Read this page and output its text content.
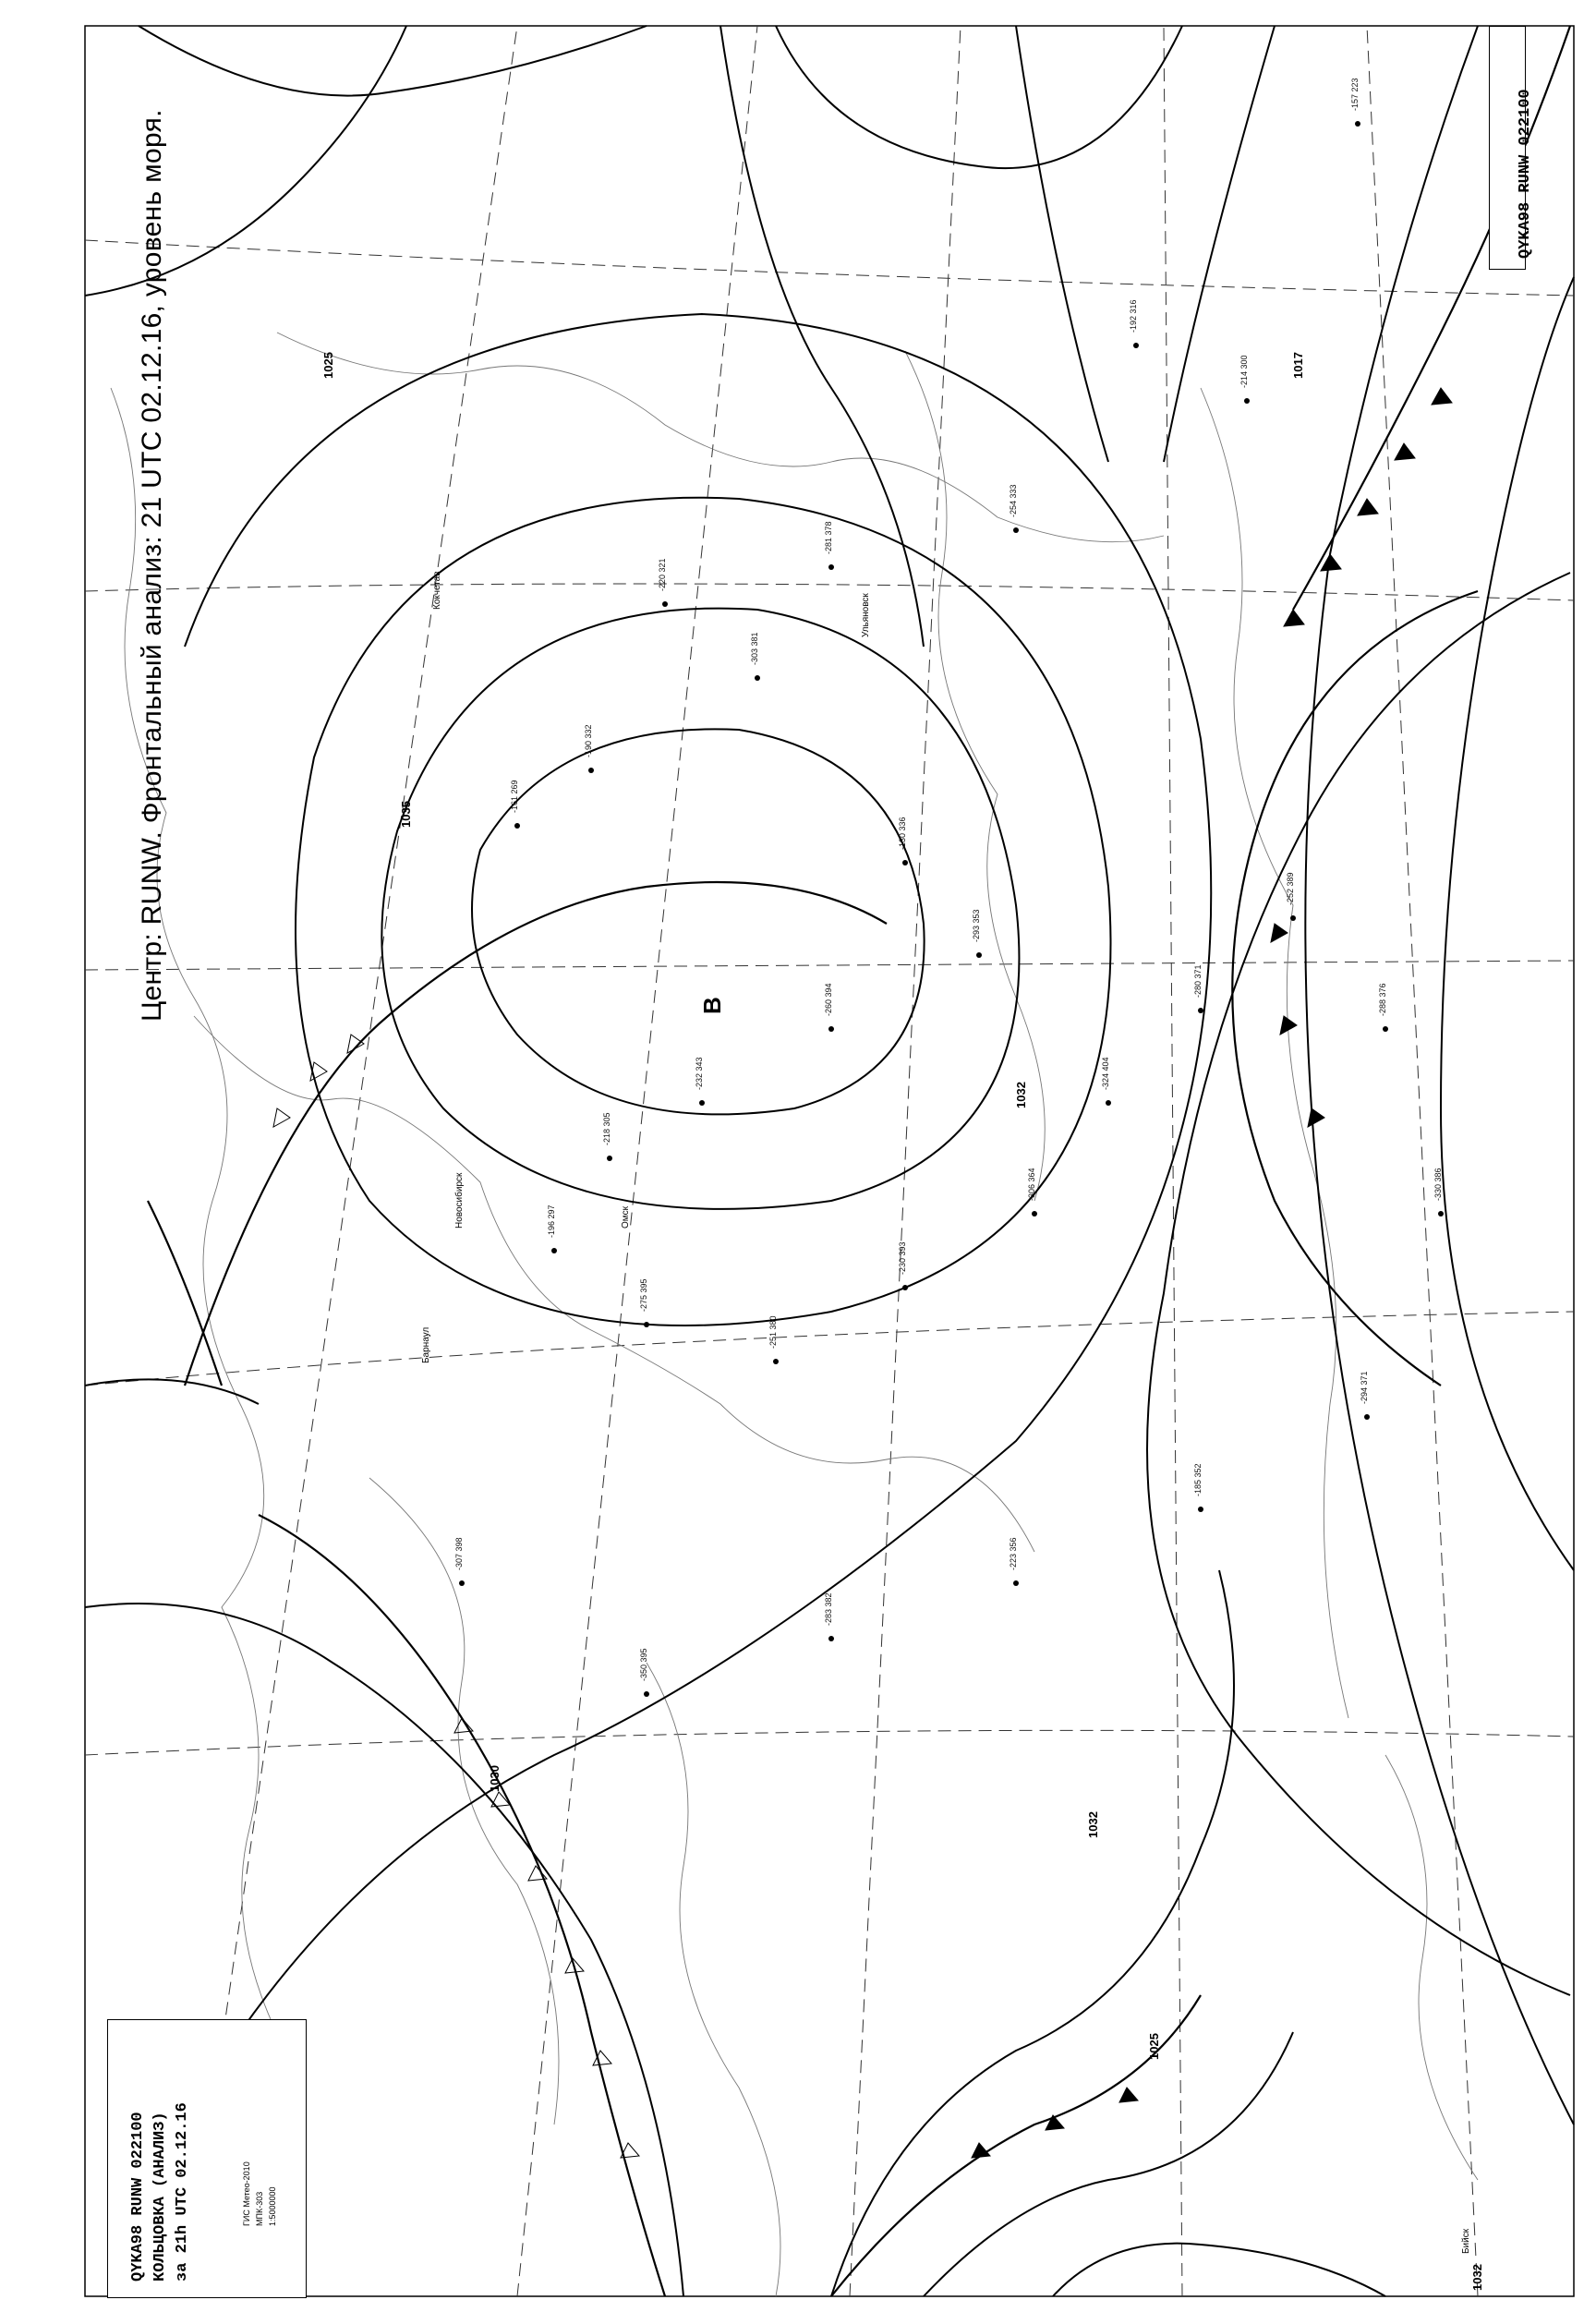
1035
1032
1030
1025	1017
1032
1025
1032
В
Ульяновск
Бийск
Барнаул
Новосибирск
Кокчетав
Омск
-157 223
-214 300
-192 316
-254 333
-281 378
-303 381
-220 321
-190 332
-161 269
-130 336
-293 353
-260 394
-232 343
-218 305
-196 297
-275 395
-251 380
-230 393
-306 364
-324 404
-280 371
-252 389
-288 376
-330 386
-294 371
-185 352
-223 356
-283 382
-350 395
-307 398
Центр: RUNW. Фронтальный анализ: 21 UTC 02.12.16, уровень моря.	QYKA98 RUNW 022100
QYKA98 RUNW 022100 КОЛЬЦОВКА (АНАЛИЗ) за 21h UTC 02.12.16	ГИС Метео-2010 МПК-303 1:5000000
